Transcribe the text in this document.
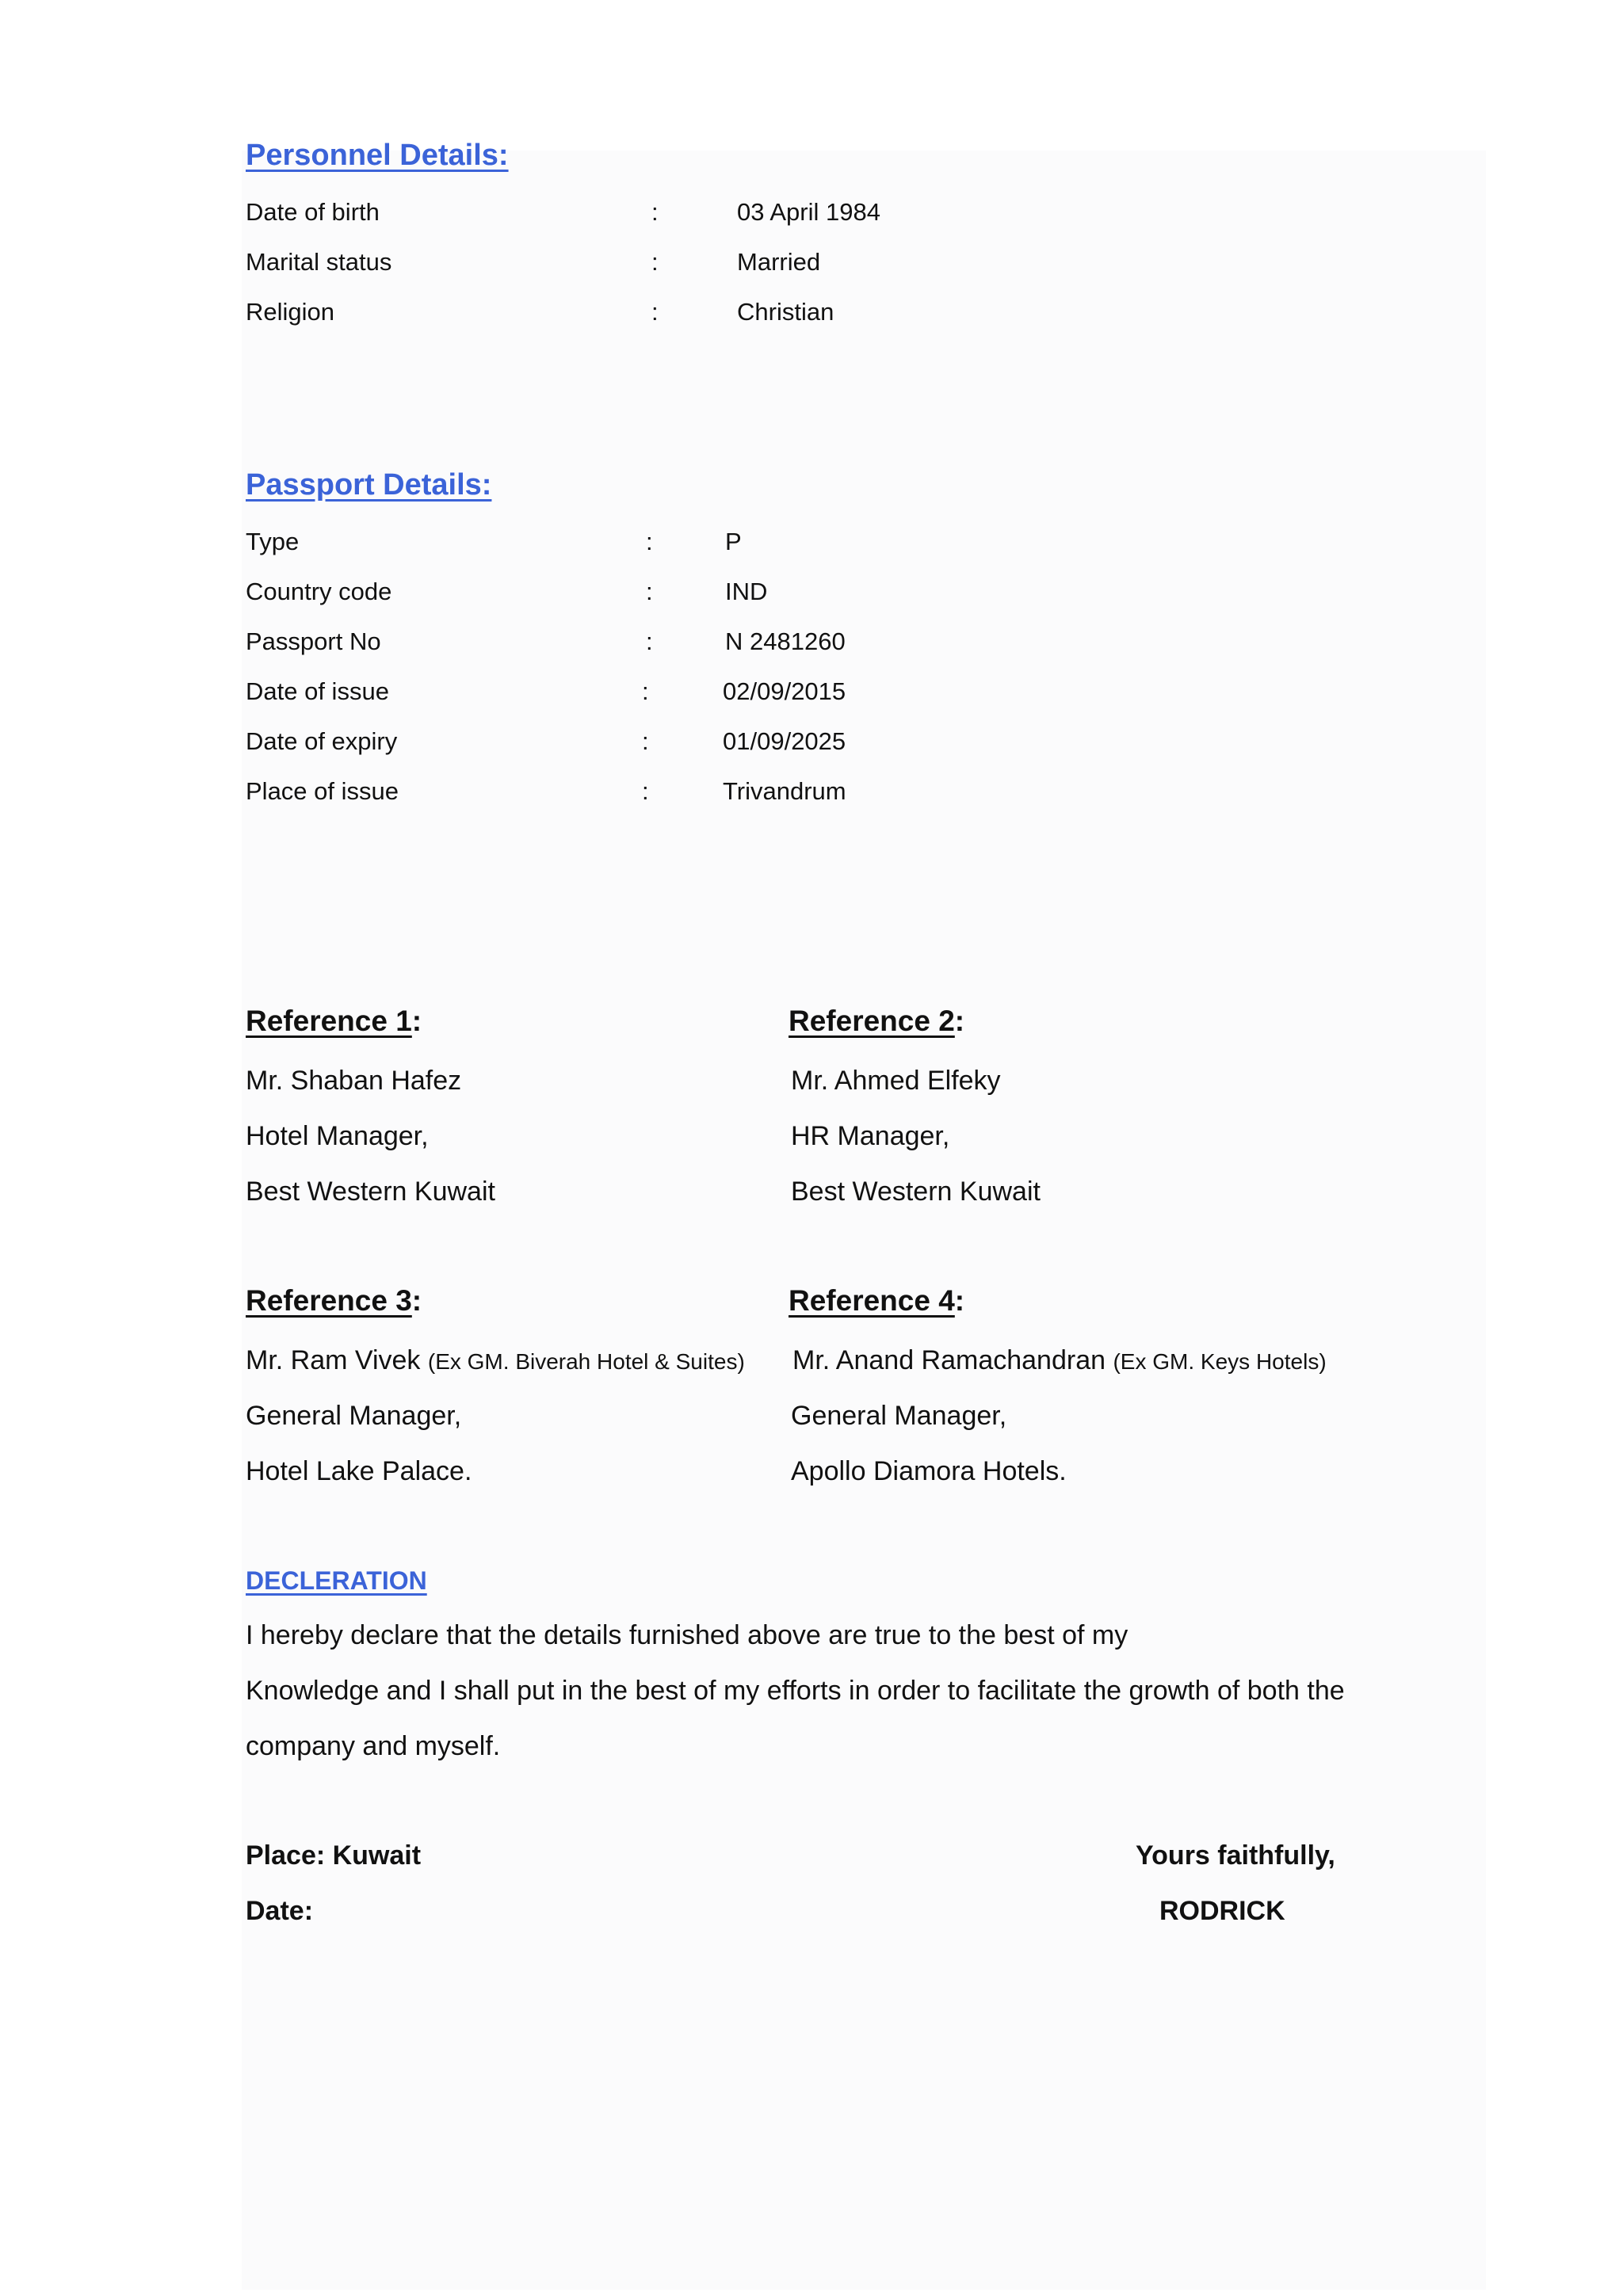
Personnel Details:
Date of birth	:	03 April 1984
Marital status	:	Married
Religion	:	Christian
Passport Details:
Type	:	P
Country code	:	IND
Passport No	:	N 2481260
Date of issue	:	02/09/2015
Date of expiry	:	01/09/2025
Place of issue	:	Trivandrum
Reference 1:
Mr. Shaban Hafez
Hotel Manager,
Best Western Kuwait
Reference 2:
Mr. Ahmed Elfeky
HR Manager,
Best Western Kuwait
Reference 3:
Mr. Ram Vivek (Ex GM. Biverah Hotel & Suites)
General Manager,
Hotel Lake Palace.
Reference 4:
Mr. Anand Ramachandran (Ex GM. Keys Hotels)
General Manager,
Apollo Diamora Hotels.
DECLERATION
I hereby declare that the details furnished above are true to the best of my
Knowledge and I shall put in the best of my efforts in order to facilitate the growth of both the
company and myself.
Place: Kuwait
Date:
Yours faithfully,
RODRICK
